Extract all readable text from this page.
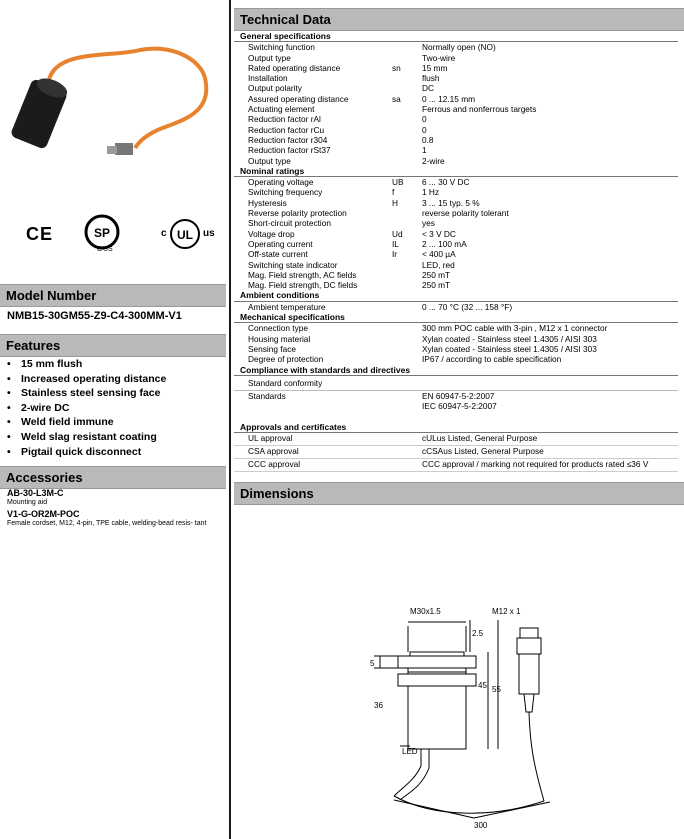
CE	SP
C US
c UL us
Model Number
NMB15-30GM55-Z9-C4-300MM-V1
Features
• 15 mm flush
• Increased operating distance
• Stainless steel sensing face
• 2-wire DC
• Weld field immune
• Weld slag resistant coating
• Pigtail quick disconnect
Accessories
AB-30-L3M-C
Mounting aid
V1-G-OR2M-POC
Female cordset, M12, 4-pin, TPE cable, welding-bead resis- tant
Technical Data
General specifications		
Switching function		Normally open (NO)
Output type		Two-wire
Rated operating distance	sn	15 mm
Installation		flush
Output polarity		DC
Assured operating distance	sa	0 ... 12.15 mm
Actuating element		Ferrous and nonferrous targets
Reduction factor rAl		0
Reduction factor rCu		0
Reduction factor r304		0.8
Reduction factor rSt37		1
Output type		2-wire
Nominal ratings		
Operating voltage	UB	6 ... 30 V DC
Switching frequency	f	1 Hz
Hysteresis	H	3 ... 15 typ. 5 %
Reverse polarity protection		reverse polarity tolerant
Short-circuit protection		yes
Voltage drop	Ud	< 3 V DC
Operating current	IL	2 ... 100 mA
Off-state current	Ir	< 400 µA
Switching state indicator		LED, red
Mag. Field strength, AC fields		250 mT
Mag. Field strength, DC fields		250 mT
Ambient conditions		
Ambient temperature		0 ... 70 °C (32 ... 158 °F)
Mechanical specifications		
Connection type		300 mm POC cable with 3-pin , M12 x 1 connector
Housing material		Xylan coated - Stainless steel 1.4305 / AISI 303
Sensing face		Xylan coated - Stainless steel 1.4305 / AISI 303
Degree of protection		IP67 / according to cable specification
Compliance with standards and directives		
Standard conformity		
Standards		EN 60947-5-2:2007
		IEC 60947-5-2:2007

Approvals and certificates		
UL approval		cULus Listed, General Purpose
CSA approval		cCSAus Listed, General Purpose
CCC approval		CCC approval / marking not required for products rated ≤36 V
Dimensions
M30x1.5	M12 x 1
2.5
5
45 55
36
LED
300
